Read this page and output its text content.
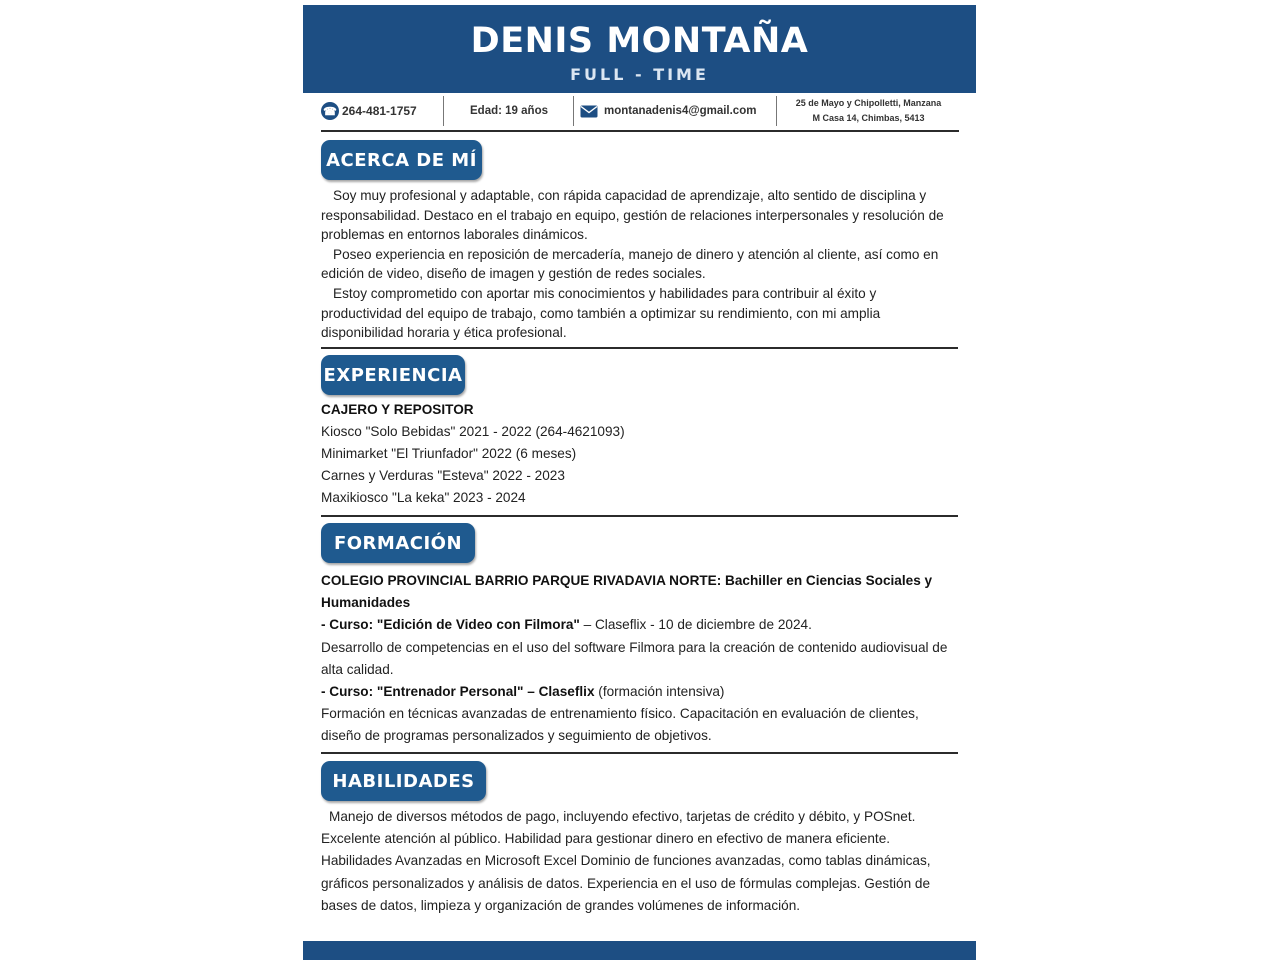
DENIS MONTAÑA
FULL - TIME
☎ 264-481-1757	Edad: 19 años	montanadenis4@gmail.com
25 de Mayo y Chipolletti, Manzana
M Casa 14, Chimbas, 5413
ACERCA DE MÍ

Soy muy profesional y adaptable, con rápida capacidad de aprendizaje, alto sentido de disciplina y responsabilidad. Destaco en el trabajo en equipo, gestión de relaciones interpersonales y resolución de problemas en entornos laborales dinámicos.

Poseo experiencia en reposición de mercadería, manejo de dinero y atención al cliente, así como en edición de video, diseño de imagen y gestión de redes sociales.

Estoy comprometido con aportar mis conocimientos y habilidades para contribuir al éxito y productividad del equipo de trabajo, como también a optimizar su rendimiento, con mi amplia disponibilidad horaria y ética profesional.

EXPERIENCIA

CAJERO Y REPOSITOR

Kiosco "Solo Bebidas" 2021 - 2022 (264-4621093)

Minimarket "El Triunfador" 2022 (6 meses)

Carnes y Verduras "Esteva" 2022 - 2023

Maxikiosco "La keka" 2023 - 2024

FORMACIÓN

COLEGIO PROVINCIAL BARRIO PARQUE RIVADAVIA NORTE: Bachiller en Ciencias Sociales y Humanidades

- Curso: "Edición de Video con Filmora" – Claseflix - 10 de diciembre de 2024.

Desarrollo de competencias en el uso del software Filmora para la creación de contenido audiovisual de alta calidad.

- Curso: "Entrenador Personal" – Claseflix (formación intensiva)

Formación en técnicas avanzadas de entrenamiento físico. Capacitación en evaluación de clientes, diseño de programas personalizados y seguimiento de objetivos.

HABILIDADES

Manejo de diversos métodos de pago, incluyendo efectivo, tarjetas de crédito y débito, y POSnet. Excelente atención al público. Habilidad para gestionar dinero en efectivo de manera eficiente. Habilidades Avanzadas en Microsoft Excel Dominio de funciones avanzadas, como tablas dinámicas, gráficos personalizados y análisis de datos. Experiencia en el uso de fórmulas complejas. Gestión de bases de datos, limpieza y organización de grandes volúmenes de información.
